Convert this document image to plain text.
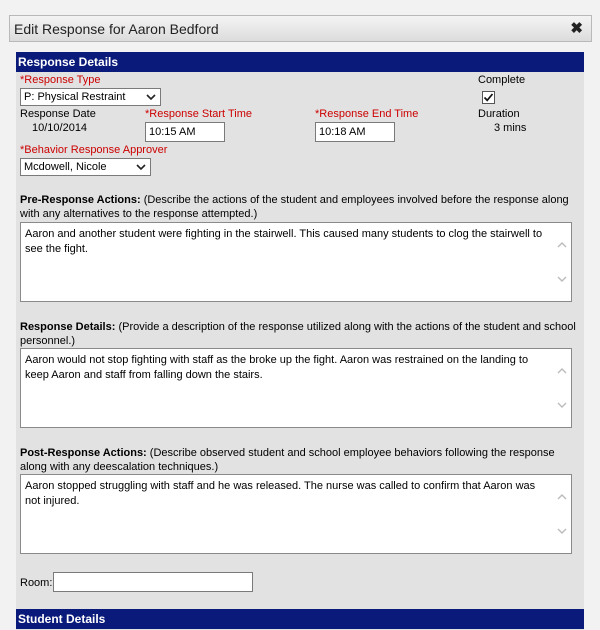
Edit Response for Aaron Bedford	✖
Response Details
*Response Type
P: Physical Restraint
Complete
Response Date
10/10/2014
*Response Start Time
10:15 AM
*Response End Time
10:18 AM
Duration
3 mins
*Behavior Response Approver
Mcdowell, Nicole
Pre-Response Actions: (Describe the actions of the student and employees involved before the response along with any alternatives to the response attempted.)
Aaron and another student were fighting in the stairwell. This caused many students to clog the stairwell to see the fight.
Response Details: (Provide a description of the response utilized along with the actions of the student and school personnel.)
Aaron would not stop fighting with staff as the broke up the fight. Aaron was restrained on the landing to keep Aaron and staff from falling down the stairs.
Post-Response Actions: (Describe observed student and school employee behaviors following the response along with any deescalation techniques.)
Aaron stopped struggling with staff and he was released. The nurse was called to confirm that Aaron was not injured.
Room:
Student Details
